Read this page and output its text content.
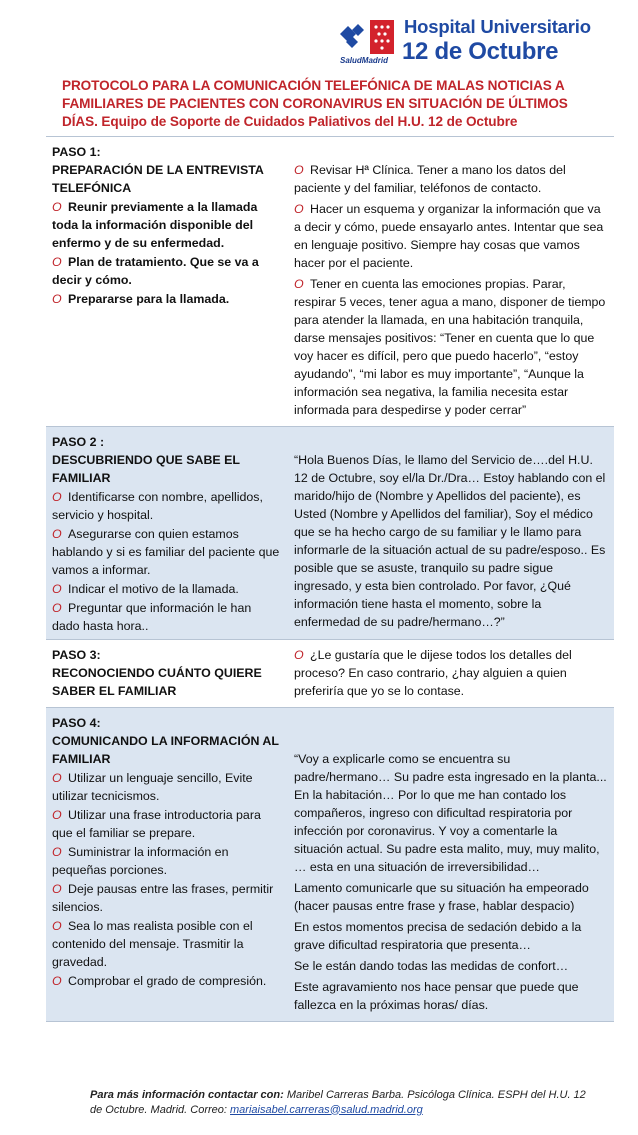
SaludMadrid
Hospital Universitario
12 de Octubre
PROTOCOLO PARA LA COMUNICACIÓN TELEFÓNICA DE MALAS NOTICIAS A FAMILIARES DE PACIENTES CON CORONAVIRUS EN SITUACIÓN DE ÚLTIMOS DÍAS. Equipo de Soporte de Cuidados Paliativos del H.U. 12 de Octubre
PASO 1:
PREPARACIÓN DE LA ENTREVISTA TELEFÓNICA
O Reunir previamente a la llamada toda la información disponible del enfermo y de su enfermedad.
O Plan de tratamiento. Que se va a decir y cómo.
O Prepararse para la llamada.
O Revisar Hª Clínica. Tener a mano los datos del paciente y del familiar, teléfonos de contacto.
O Hacer un esquema y organizar la información que va a decir y cómo, puede ensayarlo antes. Intentar que sea en lenguaje positivo. Siempre hay cosas que vamos hacer por el paciente.
O Tener en cuenta las emociones propias. Parar, respirar 5 veces, tener agua a mano, disponer de tiempo para atender la llamada, en una habitación tranquila, darse mensajes positivos: “Tener en cuenta que lo que voy hacer es difícil, pero que puedo hacerlo”, “estoy ayudando”, “mi labor es muy importante”, “Aunque la información sea negativa, la familia necesita estar informada para despedirse y poder cerrar”
PASO 2 :
DESCUBRIENDO QUE SABE EL FAMILIAR
O Identificarse con nombre, apellidos, servicio y hospital.
O Asegurarse con quien estamos hablando y si es familiar del paciente que vamos a informar.
O Indicar el motivo de la llamada.
O Preguntar que información le han dado hasta hora..
“Hola Buenos Días, le llamo del Servicio de….del H.U. 12 de Octubre, soy el/la Dr./Dra… Estoy hablando con el marido/hijo de (Nombre y Apellidos del paciente), es Usted (Nombre y Apellidos del familiar), Soy el médico que se ha hecho cargo de su familiar y le llamo para informarle de la situación actual de su padre/esposo.. Es posible que se asuste, tranquilo su padre sigue ingresado, y esta bien controlado. Por favor, ¿Qué información tiene hasta el momento, sobre la enfermedad de su padre/hermano…?”
PASO 3:
RECONOCIENDO CUÁNTO QUIERE SABER EL FAMILIAR
O ¿Le gustaría que le dijese todos los detalles del proceso? En caso contrario, ¿hay alguien a quien preferiría que yo se lo contase.
PASO 4:
COMUNICANDO LA INFORMACIÓN AL FAMILIAR
O Utilizar un lenguaje sencillo, Evite utilizar tecnicismos.
O Utilizar una frase introductoria para que el familiar se prepare.
O Suministrar la información en pequeñas porciones.
O Deje pausas entre las frases, permitir silencios.
O Sea lo mas realista posible con el contenido del mensaje. Trasmitir la gravedad.
O Comprobar el grado de compresión.
“Voy a explicarle como se encuentra su padre/hermano… Su padre esta ingresado en la planta... En la habitación… Por lo que me han contado los compañeros, ingreso con dificultad respiratoria por infección por coronavirus. Y voy a comentarle la situación actual. Su padre esta malito, muy, muy malito, … esta en una situación de irreversibilidad…
Lamento comunicarle que su situación ha empeorado (hacer pausas entre frase y frase, hablar despacio)
En estos momentos precisa de sedación debido a la grave dificultad respiratoria que presenta…
Se le están dando todas las medidas de confort…
Este agravamiento nos hace pensar que puede que fallezca en la próximas horas/ días.
Para más información contactar con: Maribel Carreras Barba. Psicóloga Clínica. ESPH del H.U. 12 de Octubre. Madrid. Correo: mariaisabel.carreras@salud.madrid.org
